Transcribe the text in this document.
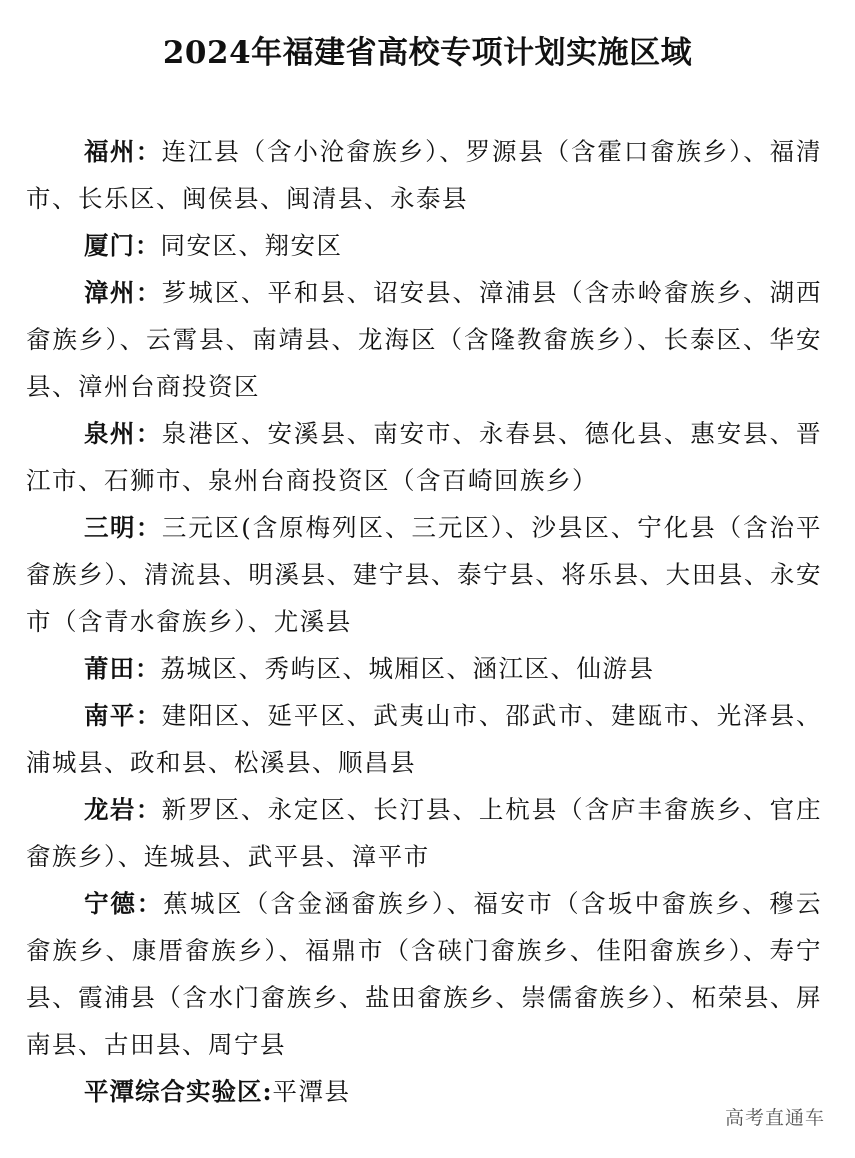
2024年福建省高校专项计划实施区域

福州：连江县（含小沧畲族乡）、罗源县（含霍口畲族乡）、福清市、长乐区、闽侯县、闽清县、永泰县

厦门：同安区、翔安区

漳州：芗城区、平和县、诏安县、漳浦县（含赤岭畲族乡、湖西畲族乡）、云霄县、南靖县、龙海区（含隆教畲族乡）、长泰区、华安县、漳州台商投资区

泉州：泉港区、安溪县、南安市、永春县、德化县、惠安县、晋江市、石狮市、泉州台商投资区（含百崎回族乡）

三明：三元区(含原梅列区、三元区）、沙县区、宁化县（含治平畲族乡）、清流县、明溪县、建宁县、泰宁县、将乐县、大田县、永安市（含青水畲族乡）、尤溪县

莆田：荔城区、秀屿区、城厢区、涵江区、仙游县

南平：建阳区、延平区、武夷山市、邵武市、建瓯市、光泽县、浦城县、政和县、松溪县、顺昌县

龙岩：新罗区、永定区、长汀县、上杭县（含庐丰畲族乡、官庄畲族乡）、连城县、武平县、漳平市

宁德：蕉城区（含金涵畲族乡）、福安市（含坂中畲族乡、穆云畲族乡、康厝畲族乡）、福鼎市（含硖门畲族乡、佳阳畲族乡）、寿宁县、霞浦县（含水门畲族乡、盐田畲族乡、崇儒畲族乡）、柘荣县、屏南县、古田县、周宁县

平潭综合实验区:平潭县

高考直通车
